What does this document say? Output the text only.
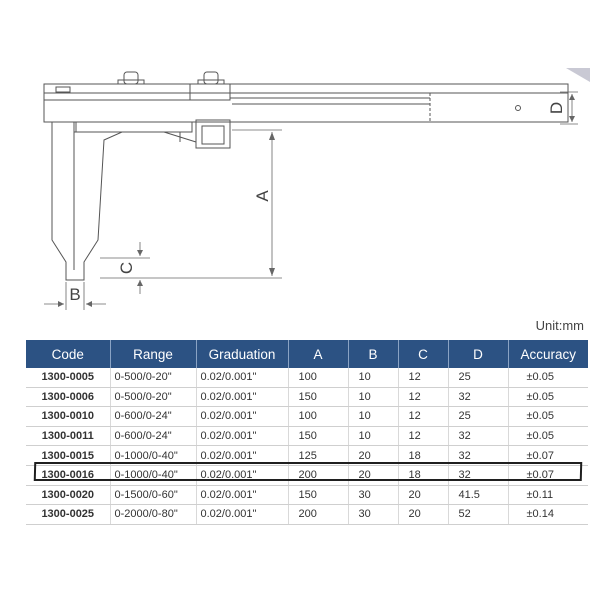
A
D
C
B
Unit:mm
Code	Range	Graduation	A	B	C	D	Accuracy
1300-0005	0-500/0-20"	0.02/0.001"	100	10	12	25	±0.05
1300-0006	0-500/0-20"	0.02/0.001"	150	10	12	32	±0.05
1300-0010	0-600/0-24"	0.02/0.001"	100	10	12	25	±0.05
1300-0011	0-600/0-24"	0.02/0.001"	150	10	12	32	±0.05
1300-0015	0-1000/0-40"	0.02/0.001"	125	20	18	32	±0.07
1300-0016	0-1000/0-40"	0.02/0.001"	200	20	18	32	±0.07
1300-0020	0-1500/0-60"	0.02/0.001"	150	30	20	41.5	±0.11
1300-0025	0-2000/0-80"	0.02/0.001"	200	30	20	52	±0.14
